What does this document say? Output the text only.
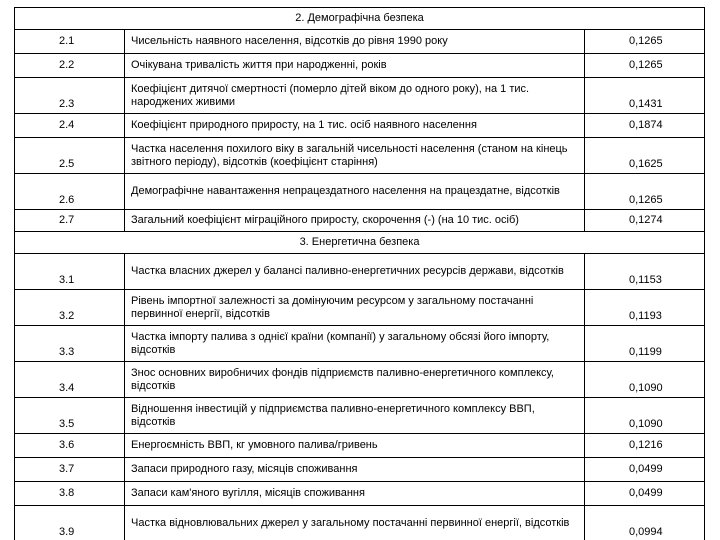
2. Демографічна безпека		
2.1	Чисельність наявного населення, відсотків до рівня 1990 року	0,1265
2.2	Очікувана тривалість життя при народженні, років	0,1265
2.3	Коефіцієнт дитячої смертності (померло дітей віком до одного року), на 1 тис. народжених живими	0,1431
2.4	Коефіцієнт природного приросту, на 1 тис. осіб наявного населення	0,1874
2.5	Частка населення похилого віку в загальній чисельності населення (станом на кінець звітного періоду), відсотків (коефіцієнт старіння)	0,1625
2.6	Демографічне навантаження непрацездатного населення на працездатне, відсотків	0,1265
2.7	Загальний коефіцієнт міграційного приросту, скорочення (-) (на 10 тис. осіб)	0,1274
3. Енергетична безпека		
3.1	Частка власних джерел у балансі паливно-енергетичних ресурсів держави, відсотків	0,1153
3.2	Рівень імпортної залежності за домінуючим ресурсом у загальному постачанні первинної енергії, відсотків	0,1193
3.3	Частка імпорту палива з однієї країни (компанії) у загальному обсязі його імпорту, відсотків	0,1199
3.4	Знос основних виробничих фондів підприємств паливно-енергетичного комплексу, відсотків	0,1090
3.5	Відношення інвестицій у підприємства паливно-енергетичного комплексу ВВП, відсотків	0,1090
3.6	Енергоємність ВВП, кг умовного палива/гривень	0,1216
3.7	Запаси природного газу, місяців споживання	0,0499
3.8	Запаси кам'яного вугілля, місяців споживання	0,0499
3.9	Частка відновлювальних джерел у загальному постачанні первинної енергії, відсотків	0,0994
